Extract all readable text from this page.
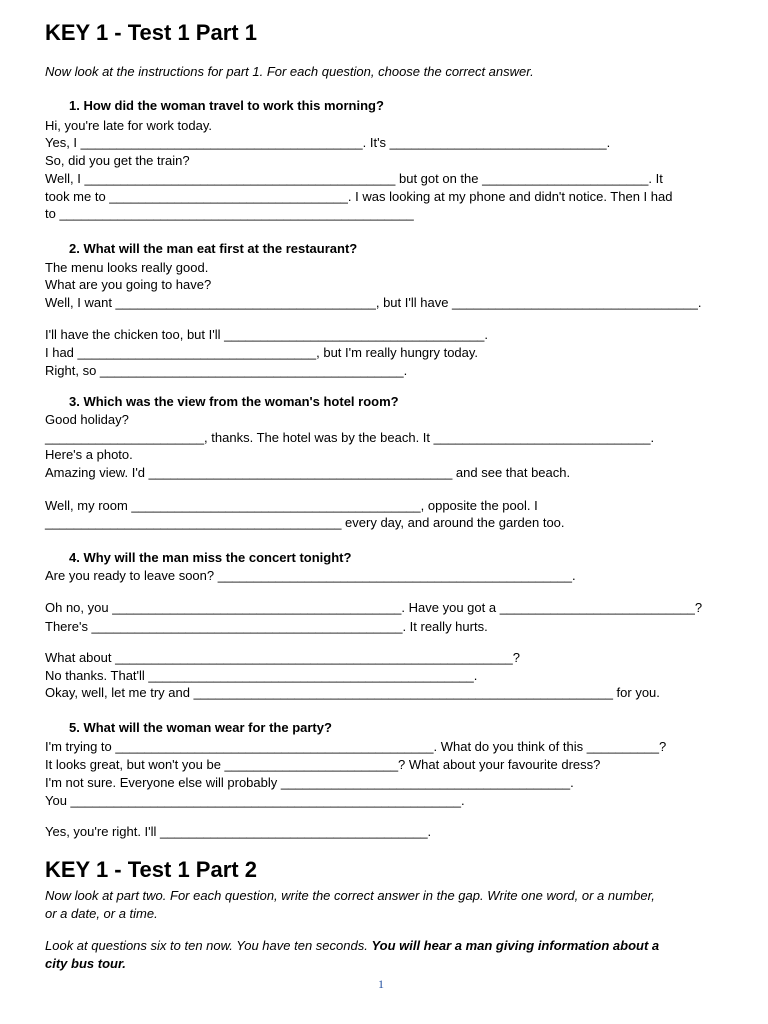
KEY 1 - Test 1 Part 1
Now look at the instructions for part 1. For each question, choose the correct answer.
1. How did the woman travel to work this morning?
Hi, you're late for work today.
Yes, I _______________________________________. It's ______________________________.
So, did you get the train?
Well, I ___________________________________________ but got on the _______________________. It
took me to _________________________________. I was looking at my phone and didn't notice. Then I had
to _________________________________________________
2. What will the man eat first at the restaurant?
The menu looks really good.
What are you going to have?
Well, I want ____________________________________, but I'll have __________________________________.
I'll have the chicken too, but I'll ____________________________________.
I had _________________________________, but I'm really hungry today.
Right, so __________________________________________.
3. Which was the view from the woman's hotel room?
Good holiday?
______________________, thanks. The hotel was by the beach. It ______________________________.
Here's a photo.
Amazing view. I'd __________________________________________ and see that beach.
Well, my room ________________________________________, opposite the pool. I
_________________________________________ every day, and around the garden too.
4. Why will the man miss the concert tonight?
Are you ready to leave soon? _________________________________________________.
Oh no, you ________________________________________. Have you got a ___________________________?
There's ___________________________________________. It really hurts.
What about _______________________________________________________?
No thanks. That'll _____________________________________________.
Okay, well, let me try and __________________________________________________________ for you.
5. What will the woman wear for the party?
I'm trying to ____________________________________________. What do you think of this __________?
It looks great, but won't you be ________________________? What about your favourite dress?
I'm not sure. Everyone else will probably ________________________________________.
You ______________________________________________________.
Yes, you're right. I'll _____________________________________.
KEY 1 - Test 1 Part 2
Now look at part two. For each question, write the correct answer in the gap. Write one word, or a number,
or a date, or a time.
Look at questions six to ten now. You have ten seconds. You will hear a man giving information about a
city bus tour.
1
